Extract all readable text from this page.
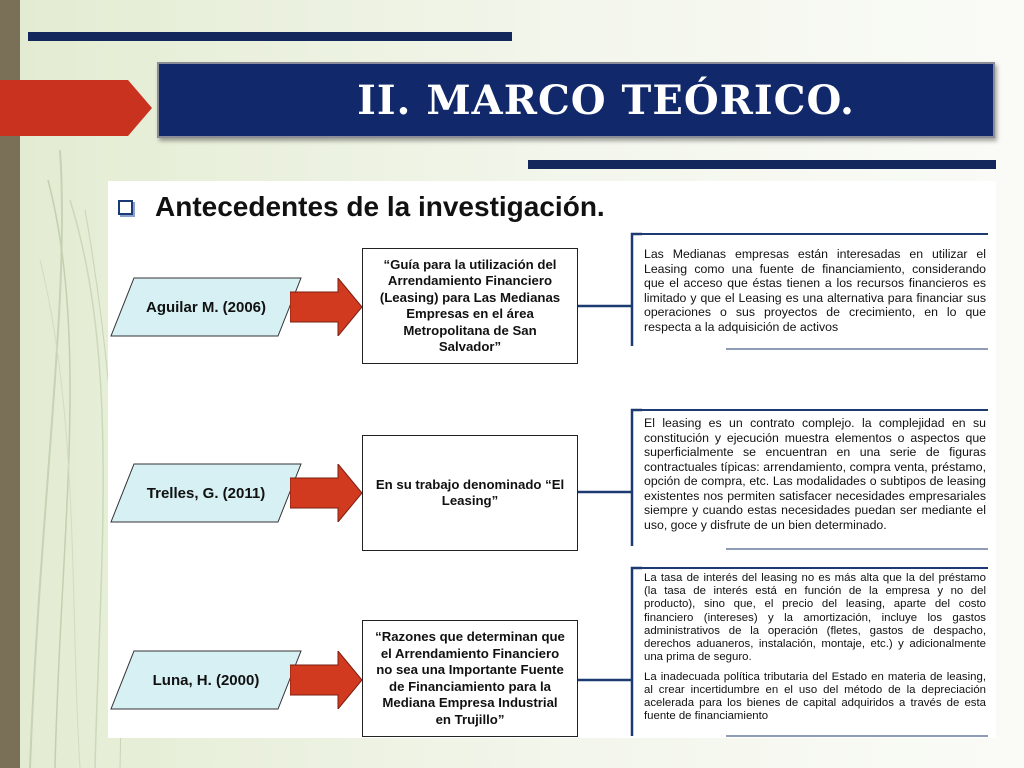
II. MARCO TEÓRICO.
Antecedentes de la investigación.
Aguilar M. (2006)
“Guía para la utilización del Arrendamiento Financiero (Leasing) para Las Medianas Empresas en el área Metropolitana de San Salvador”

Las Medianas empresas están interesadas en utilizar el Leasing como una fuente de financiamiento, considerando que el acceso que éstas tienen a los recursos financieros es limitado y que el Leasing es una alternativa para financiar sus operaciones o sus proyectos de crecimiento, en lo que respecta a la adquisición de activos

Trelles, G. (2011)
En su trabajo denominado “El Leasing”

El leasing es un contrato complejo. la complejidad en su constitución y ejecución muestra elementos o aspectos que superficialmente se encuentran en una serie de figuras contractuales típicas: arrendamiento, compra venta, préstamo, opción de compra, etc. Las modalidades o subtipos de leasing existentes nos permiten satisfacer necesidades empresariales siempre y cuando estas necesidades puedan ser mediante el uso, goce y disfrute de un bien determinado.

Luna, H. (2000)
“Razones que determinan que el Arrendamiento Financiero no sea una Importante Fuente de Financiamiento para la Mediana Empresa Industrial en Trujillo”

La tasa de interés del leasing no es más alta que la del préstamo (la tasa de interés está en función de la empresa y no del producto), sino que, el precio del leasing, aparte del costo financiero (intereses) y la amortización, incluye los gastos administrativos de la operación (fletes, gastos de despacho, derechos aduaneros, instalación, montaje, etc.) y adicionalmente una prima de seguro.

La inadecuada política tributaria del Estado en materia de leasing, al crear incertidumbre en el uso del método de la depreciación acelerada para los bienes de capital adquiridos a través de esta fuente de financiamiento
